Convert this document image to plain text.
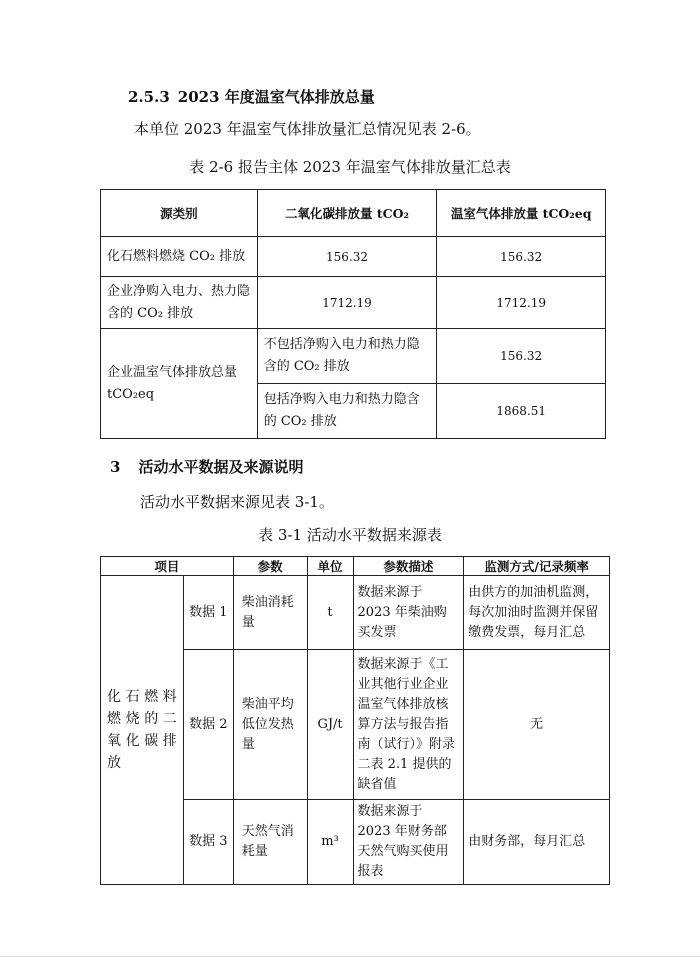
2.5.3 2023 年度温室气体排放总量
本单位 2023 年温室气体排放量汇总情况见表 2-6。
表 2-6 报告主体 2023 年温室气体排放量汇总表
源类别	二氧化碳排放量 tCO₂	温室气体排放量 tCO₂eq
化石燃料燃烧 CO₂ 排放	156.32	156.32
企业净购入电力、热力隐含的 CO₂ 排放	1712.19	1712.19
企业温室气体排放总量 tCO₂eq	不包括净购入电力和热力隐含的 CO₂ 排放	156.32
	包括净购入电力和热力隐含的 CO₂ 排放	1868.51
3 活动水平数据及来源说明
活动水平数据来源见表 3-1。
表 3-1 活动水平数据来源表
项目		参数	单位	参数描述	监测方式/记录频率
化石燃料燃烧的二氧化碳排放	数据 1	柴油消耗量	t	数据来源于 2023 年柴油购买发票	由供方的加油机监测，每次加油时监测并保留缴费发票，每月汇总
	数据 2	柴油平均低位发热量	GJ/t	数据来源于《工业其他行业企业温室气体排放核算方法与报告指南（试行）》附录二表 2.1 提供的缺省值	无
	数据 3	天然气消耗量	m³	数据来源于 2023 年财务部天然气购买使用报表	由财务部，每月汇总
